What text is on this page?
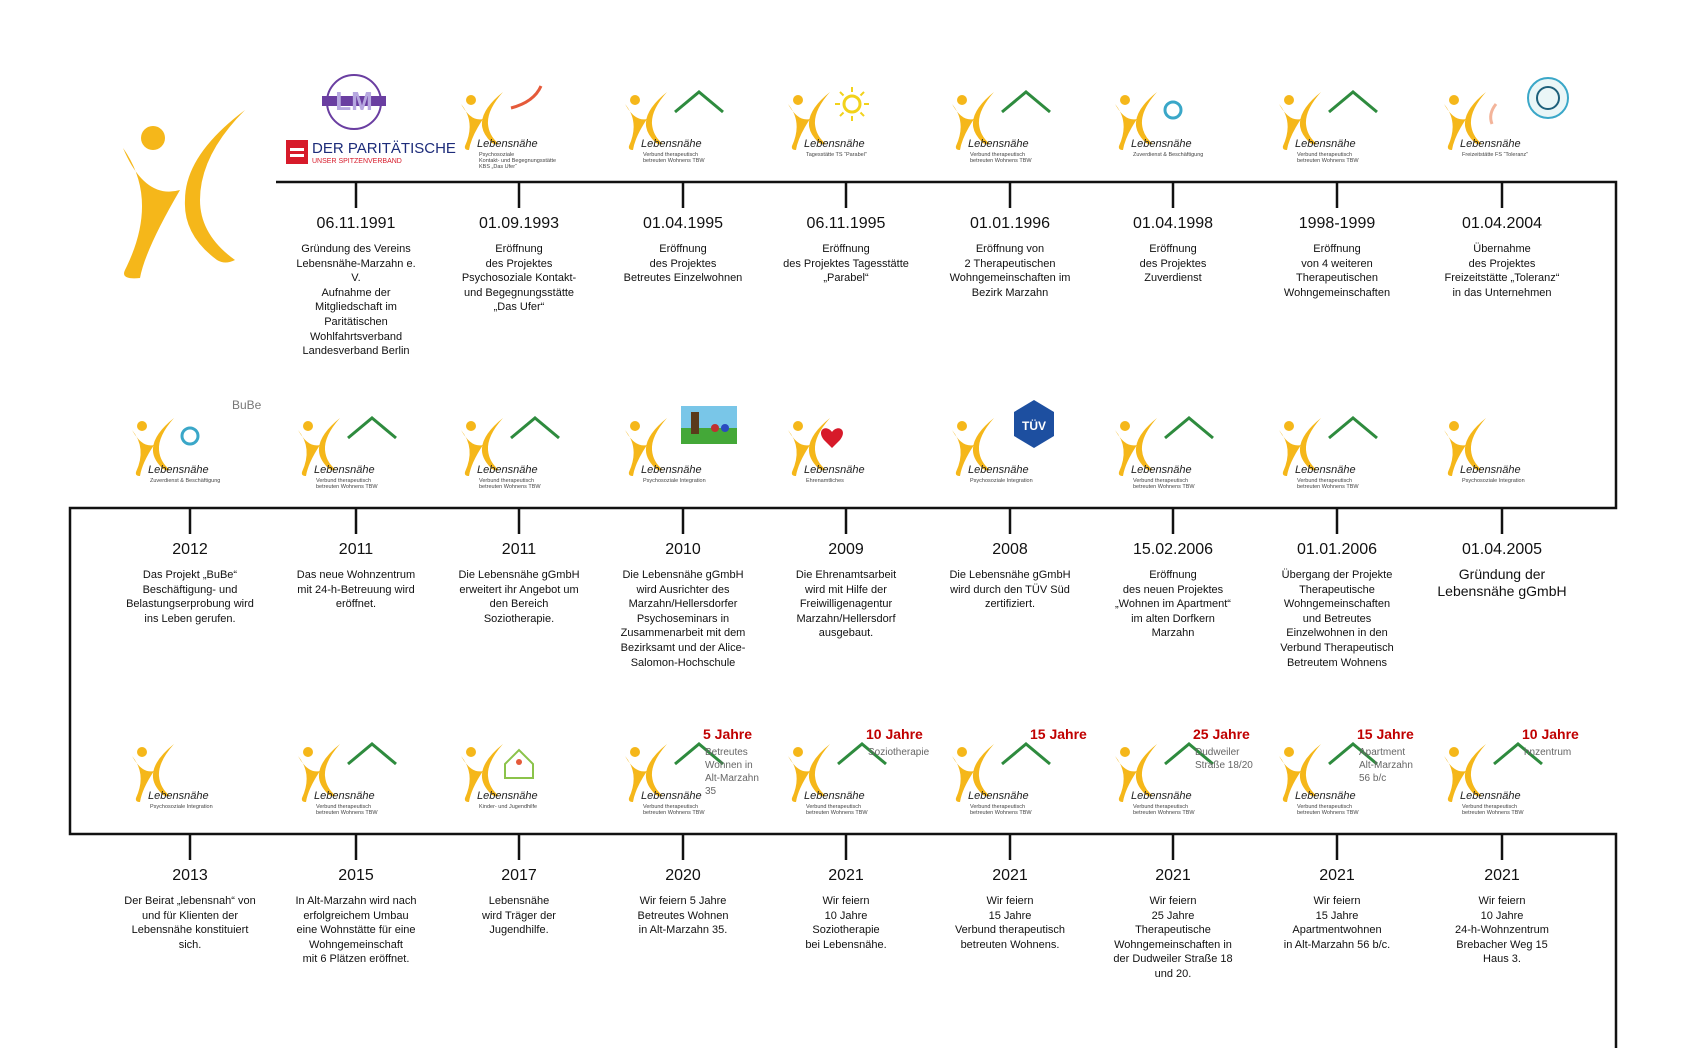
LM
DER PARITÄTISCHE
UNSER SPITZENVERBAND
06.11.1991
Gründung des Vereins
Lebensnähe-Marzahn e.
V.
Aufnahme der
Mitgliedschaft im
Paritätischen
Wohlfahrtsverband
Landesverband Berlin
Lebensnähe
Psychosoziale
Kontakt- und Begegnungsstätte
KBS „Das Ufer“
01.09.1993
Eröffnung
des Projektes
Psychosoziale Kontakt-
und Begegnungsstätte
„Das Ufer“
Lebensnähe
Verbund therapeutisch
betreuten Wohnens TBW
01.04.1995
Eröffnung
des Projektes
Betreutes Einzelwohnen
Lebensnähe
Tagesstätte TS “Parabel”
06.11.1995
Eröffnung
des Projektes Tagesstätte
„Parabel“
Lebensnähe
Verbund therapeutisch
betreuten Wohnens TBW
01.01.1996
Eröffnung von
2 Therapeutischen
Wohngemeinschaften im
Bezirk Marzahn
Lebensnähe
Zuverdienst & Beschäftigung
01.04.1998
Eröffnung
des Projektes
Zuverdienst
Lebensnähe
Verbund therapeutisch
betreuten Wohnens TBW
1998-1999
Eröffnung
von 4 weiteren
Therapeutischen
Wohngemeinschaften
Lebensnähe
Freizeitstätte FS “Toleranz”
01.04.2004
Übernahme
des Projektes
Freizeitstätte „Toleranz“
in das Unternehmen
Lebensnähe
Zuverdienst & Beschäftigung
BuBe
2012
Das Projekt „BuBe“
Beschäftigung- und
Belastungserprobung wird
ins Leben gerufen.
Lebensnähe
Verbund therapeutisch
betreuten Wohnens TBW
2011
Das neue Wohnzentrum
mit 24-h-Betreuung wird
eröffnet.
Lebensnähe
Verbund therapeutisch
betreuten Wohnens TBW
2011
Die Lebensnähe gGmbH
erweitert ihr Angebot um
den Bereich
Soziotherapie.
Lebensnähe
Psychosoziale Integration
2010
Die Lebensnähe gGmbH
wird Ausrichter des
Marzahn/Hellersdorfer
Psychoseminars in
Zusammenarbeit mit dem
Bezirksamt und der Alice-
Salomon-Hochschule
Lebensnähe
Ehrenamtliches
2009
Die Ehrenamtsarbeit
wird mit Hilfe der
Freiwilligenagentur
Marzahn/Hellersdorf
ausgebaut.
TÜV
Lebensnähe
Psychosoziale Integration
2008
Die Lebensnähe gGmbH
wird durch den TÜV Süd
zertifiziert.
Lebensnähe
Verbund therapeutisch
betreuten Wohnens TBW
15.02.2006
Eröffnung
des neuen Projektes
„Wohnen im Apartment“
im alten Dorfkern
Marzahn
Lebensnähe
Verbund therapeutisch
betreuten Wohnens TBW
01.01.2006
Übergang der Projekte
Therapeutische
Wohngemeinschaften
und Betreutes
Einzelwohnen in den
Verbund Therapeutisch
Betreutem Wohnens
Lebensnähe
Psychosoziale Integration
01.04.2005
Gründung der
Lebensnähe gGmbH
Lebensnähe
Psychosoziale Integration
2013
Der Beirat „lebensnah“ von
und für Klienten der
Lebensnähe konstituiert
sich.
Lebensnähe
Verbund therapeutisch
betreuten Wohnens TBW
2015
In Alt-Marzahn wird nach
erfolgreichem Umbau
eine Wohnstätte für eine
Wohngemeinschaft
mit 6 Plätzen eröffnet.
Lebensnähe
Kinder- und Jugendhilfe
2017
Lebensnähe
wird Träger der
Jugendhilfe.
Lebensnähe
Verbund therapeutisch
betreuten Wohnens TBW
5 Jahre
Betreutes
Wohnen in
Alt-Marzahn 35
2020
Wir feiern 5 Jahre
Betreutes Wohnen
in Alt-Marzahn 35.
Lebensnähe
Verbund therapeutisch
betreuten Wohnens TBW
10 Jahre
Soziotherapie
2021
Wir feiern
10 Jahre
Soziotherapie
bei Lebensnähe.
Lebensnähe
Verbund therapeutisch
betreuten Wohnens TBW
15 Jahre
2021
Wir feiern
15 Jahre
Verbund therapeutisch
betreuten Wohnens.
Lebensnähe
Verbund therapeutisch
betreuten Wohnens TBW
25 Jahre
Dudweiler
Straße 18/20
2021
Wir feiern
25 Jahre
Therapeutische
Wohngemeinschaften in
der Dudweiler Straße 18
und 20.
Lebensnähe
Verbund therapeutisch
betreuten Wohnens TBW
15 Jahre
Apartment
Alt-Marzahn
56 b/c
2021
Wir feiern
15 Jahre
Apartmentwohnen
in Alt-Marzahn 56 b/c.
Lebensnähe
Verbund therapeutisch
betreuten Wohnens TBW
10 Jahre
hnzentrum
2021
Wir feiern
10 Jahre
24-h-Wohnzentrum
Brebacher Weg 15
Haus 3.
